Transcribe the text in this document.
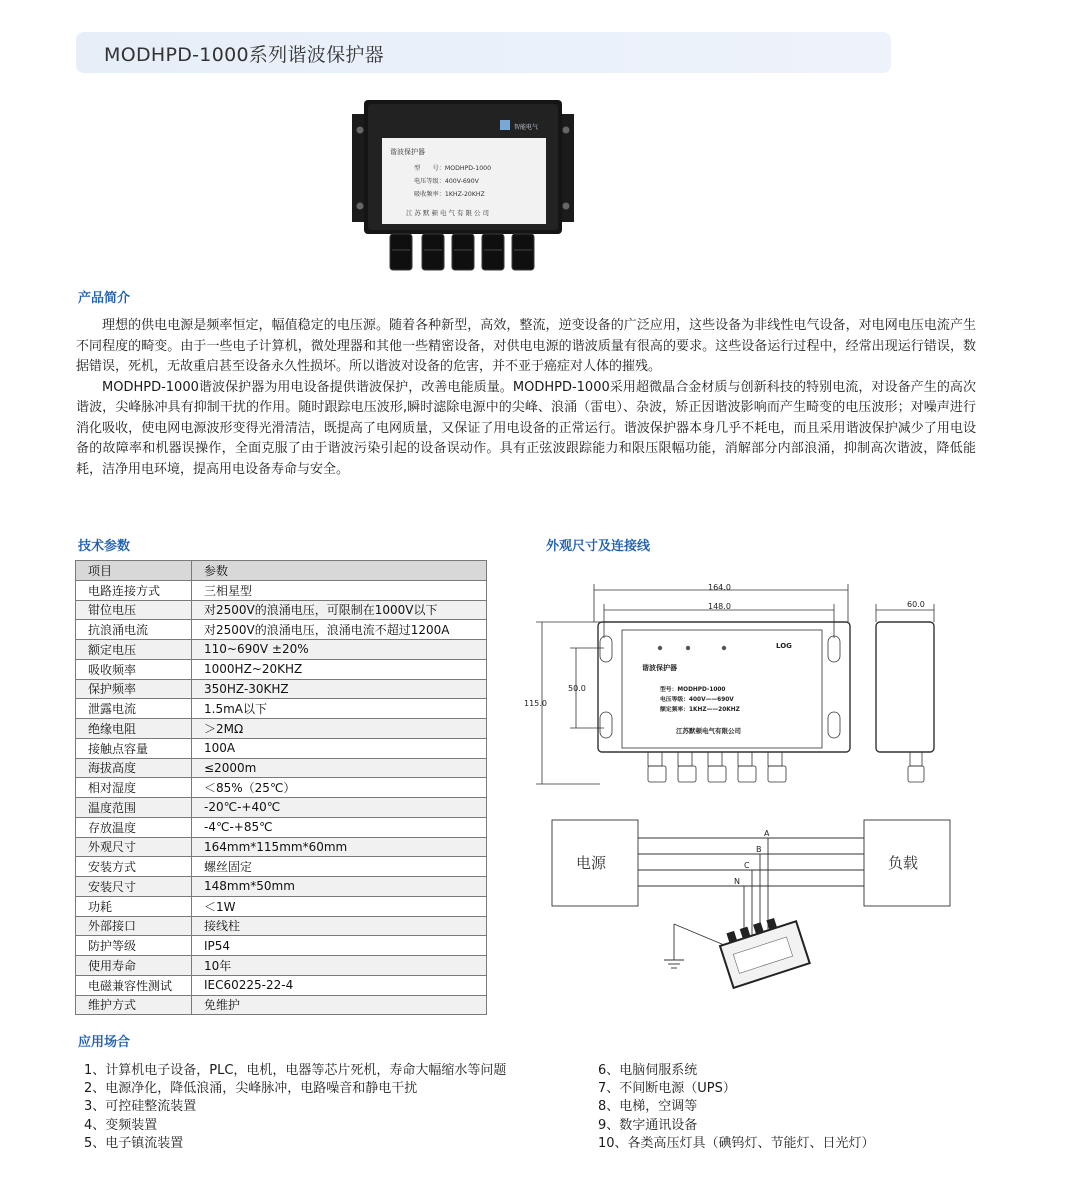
MODHPD-1000系列谐波保护器
智能电气
谐波保护器
型　　号：MODHPD-1000
电压等级：400V-690V
吸收频率：1KHZ-20KHZ
江苏默顿电气有限公司
产品简介

理想的供电电源是频率恒定，幅值稳定的电压源。随着各种新型，高效，整流，逆变设备的广泛应用，这些设备为非线性电气设备，对电网电压电流产生不同程度的畸变。由于一些电子计算机，微处理器和其他一些精密设备，对供电电源的谐波质量有很高的要求。这些设备运行过程中，经常出现运行错误，数据错误，死机，无故重启甚至设备永久性损坏。所以谐波对设备的危害，并不亚于癌症对人体的摧残。

MODHPD-1000谐波保护器为用电设备提供谐波保护，改善电能质量。MODHPD-1000采用超微晶合金材质与创新科技的特别电流，对设备产生的高次谐波，尖峰脉冲具有抑制干扰的作用。随时跟踪电压波形,瞬时滤除电源中的尖峰、浪涌（雷电）、杂波，矫正因谐波影响而产生畸变的电压波形；对噪声进行消化吸收，使电网电源波形变得光滑清洁，既提高了电网质量，又保证了用电设备的正常运行。谐波保护器本身几乎不耗电，而且采用谐波保护减少了用电设备的故障率和机器误操作，全面克服了由于谐波污染引起的设备误动作。具有正弦波跟踪能力和限压限幅功能，消解部分内部浪涌，抑制高次谐波，降低能耗，洁净用电环境，提高用电设备寿命与安全。

技术参数
项目	参数
电路连接方式	三相星型
钳位电压	对2500V的浪涌电压，可限制在1000V以下
抗浪涌电流	对2500V的浪涌电压，浪涌电流不超过1200A
额定电压	110~690V ±20%
吸收频率	1000HZ~20KHZ
保护频率	350HZ-30KHZ
泄露电流	1.5mA以下
绝缘电阻	＞2MΩ
接触点容量	100A
海拔高度	≤2000m
相对湿度	＜85%（25℃）
温度范围	-20℃-+40℃
存放温度	-4℃-+85℃
外观尺寸	164mm*115mm*60mm
安装方式	螺丝固定
安装尺寸	148mm*50mm
功耗	＜1W
外部接口	接线柱
防护等级	IP54
使用寿命	10年
电磁兼容性测试	IEC60225-22-4
维护方式	免维护
外观尺寸及连接线
164.0
148.0
115.0
50.0
60.0
LOG
谐波保护器
型号：MODHPD-1000
电压等级：400V——690V
额定频率：1KHZ——20KHZ
江苏默顿电气有限公司
电源	负载
A
B
C
N
应用场合
1、计算机电子设备，PLC，电机，电器等芯片死机，寿命大幅缩水等问题
2、电源净化，降低浪涌，尖峰脉冲，电路噪音和静电干扰
3、可控硅整流装置
4、变频装置
5、电子镇流装置
6、电脑伺服系统
7、不间断电源（UPS）
8、电梯，空调等
9、数字通讯设备
10、各类高压灯具（碘钨灯、节能灯、日光灯）
